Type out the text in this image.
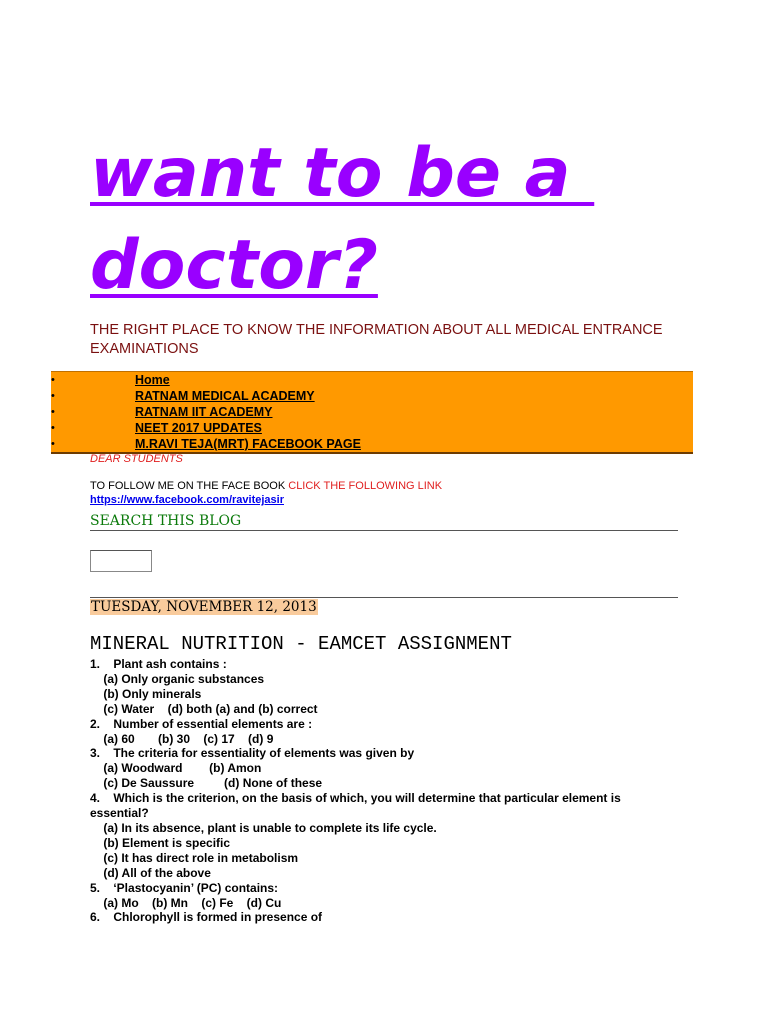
want to be a
doctor?
THE RIGHT PLACE TO KNOW THE INFORMATION ABOUT ALL MEDICAL ENTRANCE EXAMINATIONS
•	Home
•	RATNAM MEDICAL ACADEMY
•	RATNAM IIT ACADEMY
•	NEET 2017 UPDATES
•	M.RAVI TEJA(MRT) FACEBOOK PAGE
DEAR STUDENTS
TO FOLLOW ME ON THE FACE BOOK CLICK THE FOLLOWING LINK
https://www.facebook.com/ravitejasir
SEARCH THIS BLOG
TUESDAY, NOVEMBER 12, 2013
MINERAL NUTRITION - EAMCET ASSIGNMENT
1.    Plant ash contains :
(a) Only organic substances
(b) Only minerals
(c) Water    (d) both (a) and (b) correct
2.    Number of essential elements are :
(a) 60       (b) 30    (c) 17    (d) 9
3.    The criteria for essentiality of elements was given by
(a) Woodward        (b) Amon
(c) De Saussure         (d) None of these
4.    Which is the criterion, on the basis of which, you will determine that particular element is
essential?
(a) In its absence, plant is unable to complete its life cycle.
(b) Element is specific
(c) It has direct role in metabolism
(d) All of the above
5.    ‘Plastocyanin’ (PC) contains:
(a) Mo    (b) Mn    (c) Fe    (d) Cu
6.    Chlorophyll is formed in presence of
